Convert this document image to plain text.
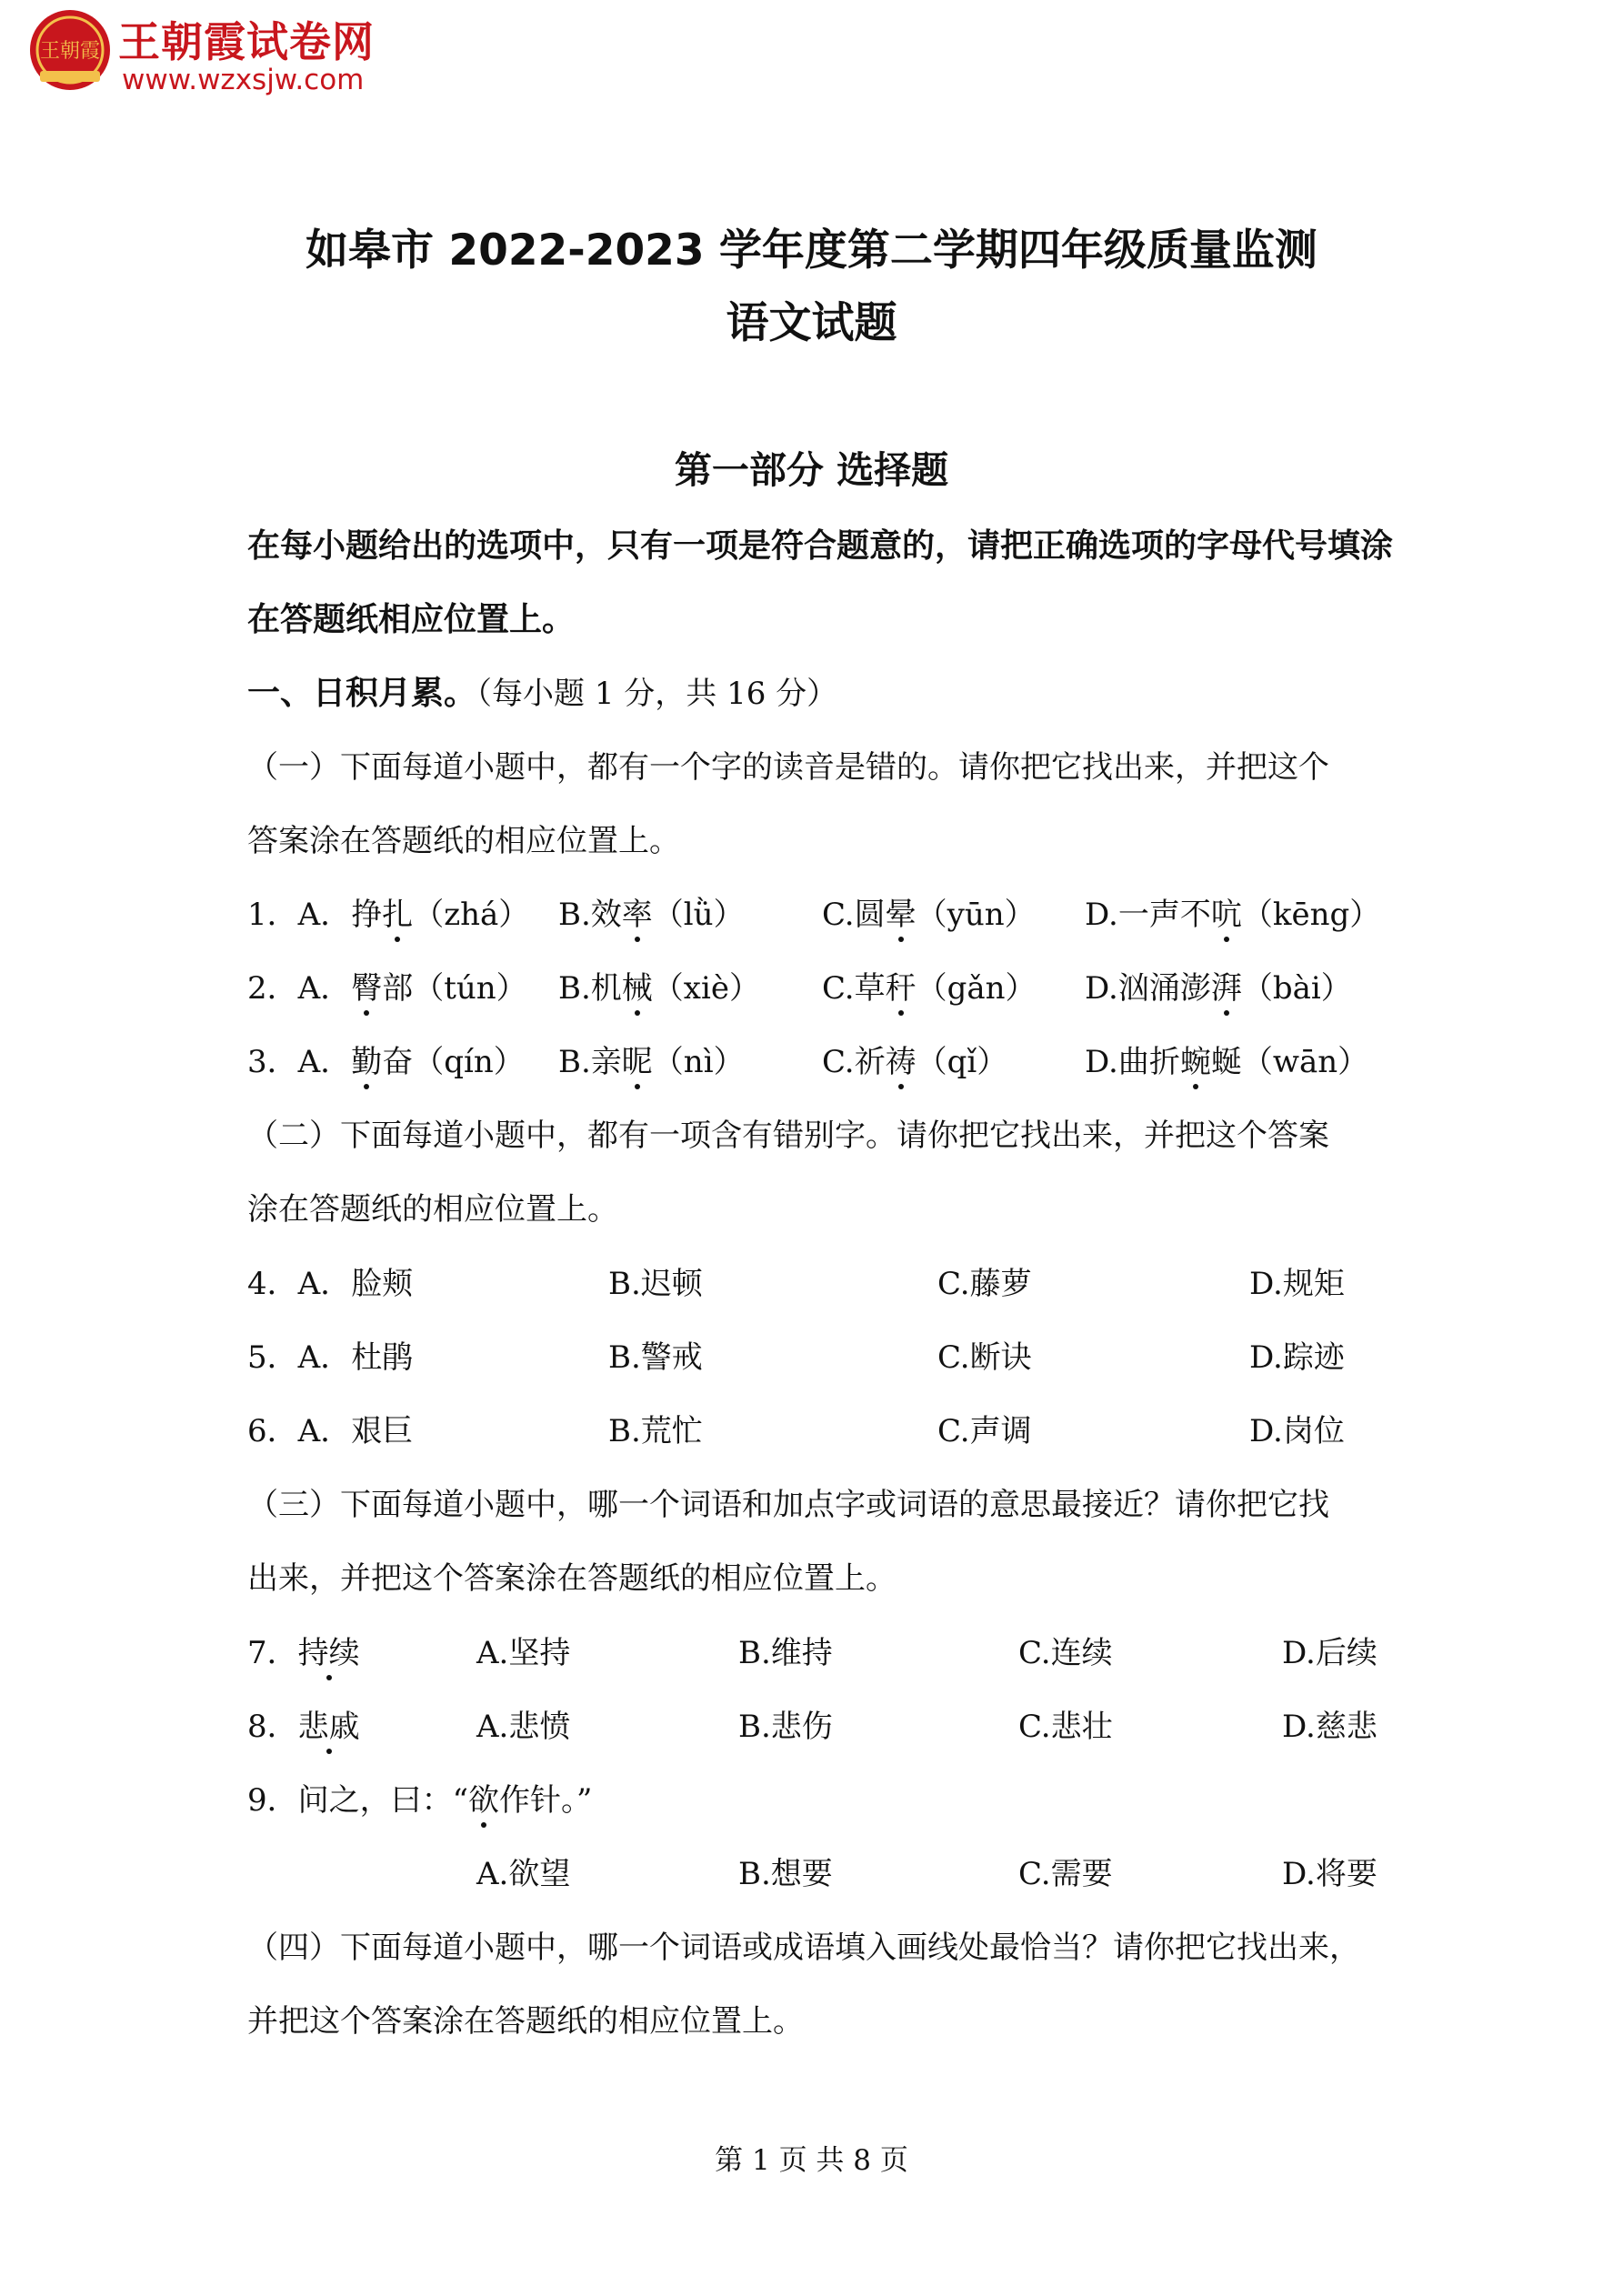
王朝霞 王朝霞试卷网
www.wzxsjw.com
如皋市 2022-2023 学年度第二学期四年级质量监测
语文试题
第一部分 选择题
在每小题给出的选项中，只有一项是符合题意的，请把正确选项的字母代号填涂
在答题纸相应位置上。
一、日积月累。（每小题 1 分，共 16 分）
（一）下面每道小题中，都有一个字的读音是错的。请你把它找出来，并把这个
答案涂在答题纸的相应位置上。
1．A．挣扎（zhá） B.效率（lǜ）	C.圆晕（yūn） D.一声不吭（kēng）
2．A．臀部（tún） B.机械（xiè） C.草秆（gǎn） D.汹涌澎湃（bài）
3．A．勤奋（qín） B.亲昵（nì）	C.祈祷（qǐ） D.曲折蜿蜒（wān）
（二）下面每道小题中，都有一项含有错别字。请你把它找出来，并把这个答案
涂在答题纸的相应位置上。
4．A．脸颊	B.迟顿	C.藤萝	D.规矩
5．A．杜鹃	B.警戒	C.断诀	D.踪迹
6．A．艰巨	B.荒忙	C.声调	D.岗位
（三）下面每道小题中，哪一个词语和加点字或词语的意思最接近？请你把它找
出来，并把这个答案涂在答题纸的相应位置上。
7．持续	A.坚持	B.维持	C.连续	D.后续
8．悲戚	A.悲愤	B.悲伤	C.悲壮	D.慈悲
9．问之，曰：“欲作针。”
A.欲望	B.想要	C.需要	D.将要
（四）下面每道小题中，哪一个词语或成语填入画线处最恰当？请你把它找出来，
并把这个答案涂在答题纸的相应位置上。
第 1 页 共 8 页
